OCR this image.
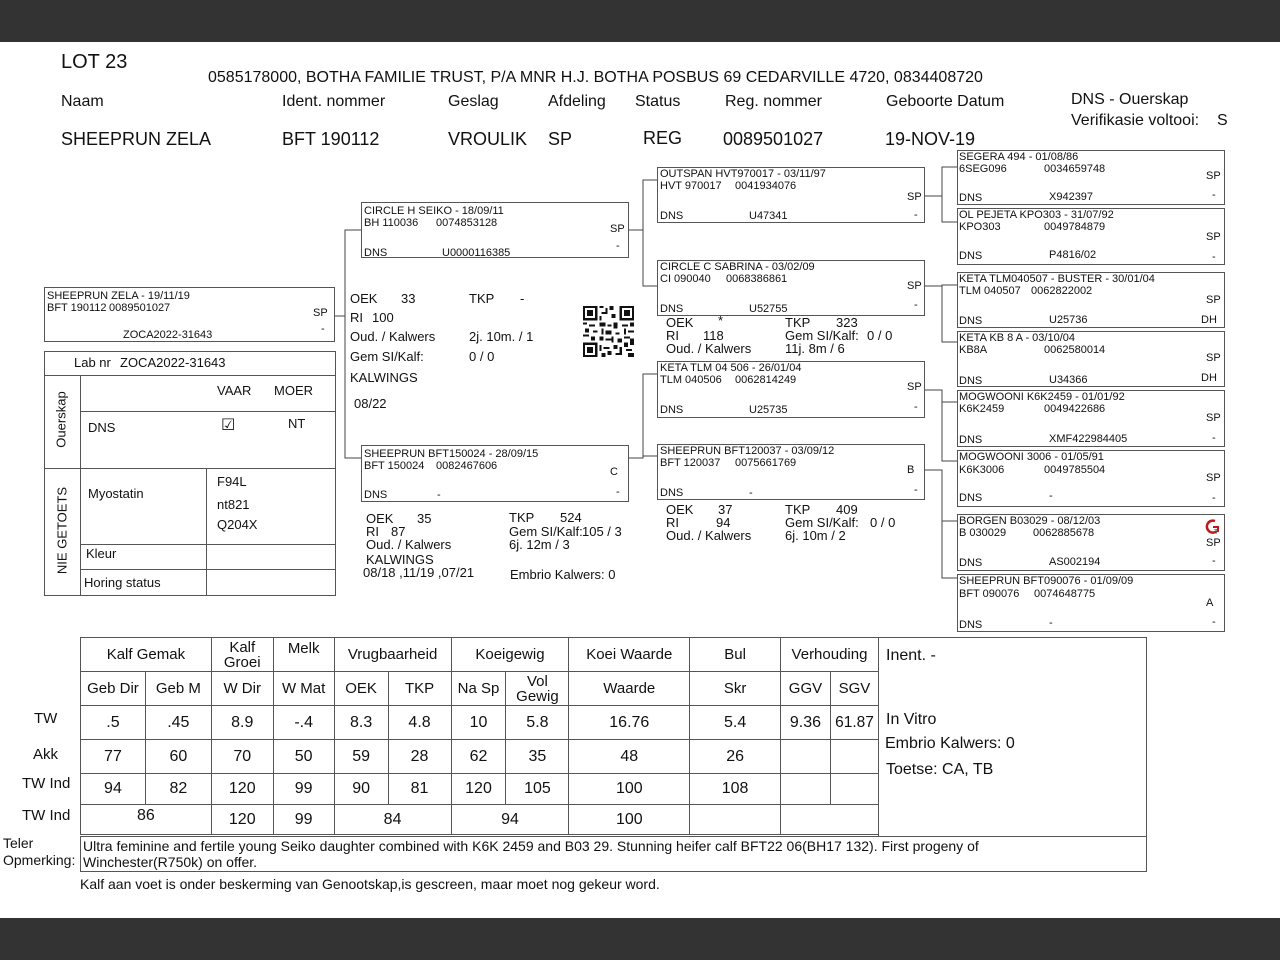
LOT 23
0585178000, BOTHA FAMILIE TRUST, P/A MNR H.J. BOTHA POSBUS 69 CEDARVILLE 4720, 0834408720
Naam	Ident. nommer	Geslag	Afdeling Status	Reg. nommer	Geboorte Datum	DNS - Ouerskap
Verifikasie voltooi: S
SHEEPRUN ZELA	BFT 190112	VROULIK SP	REG 0089501027	19-NOV-19
SHEEPRUN ZELA - 19/11/19
BFT 190112 0089501027	SP
-
ZOCA2022-31643
OEK 33	TKP -
RI 100
Oud. / Kalwers	2j. 10m. / 1
Gem SI/Kalf:	0 / 0
KALWINGS
08/22
Lab nr ZOCA2022-31643
Ouerskap
NIE GETOETS
VAAR MOER
DNS	☑	NT
Myostatin
F94L
nt821
Q204X
Kleur
Horing status
CIRCLE H SEIKO - 18/09/11
BH 110036 0074853128	SP
-
DNS	U0000116385
SHEEPRUN BFT150024 - 28/09/15
BFT 150024 0082467606	C
-
DNS	-
OEK 35	TKP 524
RI 87	Gem SI/Kalf: 105 / 3
Oud. / Kalwers	6j. 12m / 3
KALWINGS
08/18 ,11/19 ,07/21	Embrio Kalwers: 0
OUTSPAN HVT970017 - 03/11/97
HVT 970017 0041934076
SP
DNS	U47341	-
CIRCLE C SABRINA - 03/02/09
CI 090040 0068386861
SP
DNS	U52755	-
KETA TLM 04 506 - 26/01/04
TLM 040506 0062814249
SP
DNS	U25735	-
SHEEPRUN BFT120037 - 03/09/12
BFT 120037 0075661769
B
DNS	-	-
OEK *	TKP 323
RI 118	Gem SI/Kalf: 0 / 0
Oud. / Kalwers	11j. 8m / 6
OEK 37	TKP 409
RI	94	Gem SI/Kalf: 0 / 0
Oud. / Kalwers	6j. 10m / 2
SEGERA 494 - 01/08/86
6SEG096	0034659748
SP
DNS	X942397	-
OL PEJETA KPO303 - 31/07/92
KPO303	0049784879
SP
DNS	P4816/02	-
KETA TLM040507 - BUSTER - 30/01/04
TLM 040507 0062822002
SP
DNS	U25736	DH
KETA KB 8 A - 03/10/04
KB8A	0062580014
SP
DNS	U34366	DH
MOGWOONI K6K2459 - 01/01/92
K6K2459	0049422686
SP
DNS	XMF422984405	-
MOGWOONI 3006 - 01/05/91
K6K3006	0049785504
SP
DNS	-	-
BORGEN B03029 - 08/12/03
B 030029 0062885678	T
SP
DNS	AS002194	-
SHEEPRUN BFT090076 - 01/09/09
BFT 090076 0074648775
A
DNS	-	-
TW
Akk
TW Ind
TW Ind
Kalf Gemak		Kalf Groei	Melk	Vrugbaarheid		Koeigewig		Koei Waarde	Bul	Verhouding	
Geb Dir	Geb M	W Dir	W Mat	OEK	TKP	Na Sp	Vol Gewig	Waarde	Skr	GGV	SGV
.5	.45	8.9	-.4	8.3	4.8	10	5.8	16.76	5.4	9.36	61.87
77	60	70	50	59	28	62	35	48	26		
94	82	120	99	90	81	120	105	100	108		
86		120	99	84		94		100			
Inent. -
In Vitro
Embrio Kalwers: 0
Toetse: CA, TB
Teler
Opmerking:
Ultra feminine and fertile young Seiko daughter combined with K6K 2459 and B03 29. Stunning heifer calf BFT22 06(BH17 132). First progeny of
Winchester(R750k) on offer.
Kalf aan voet is onder beskerming van Genootskap,is gescreen, maar moet nog gekeur word.
